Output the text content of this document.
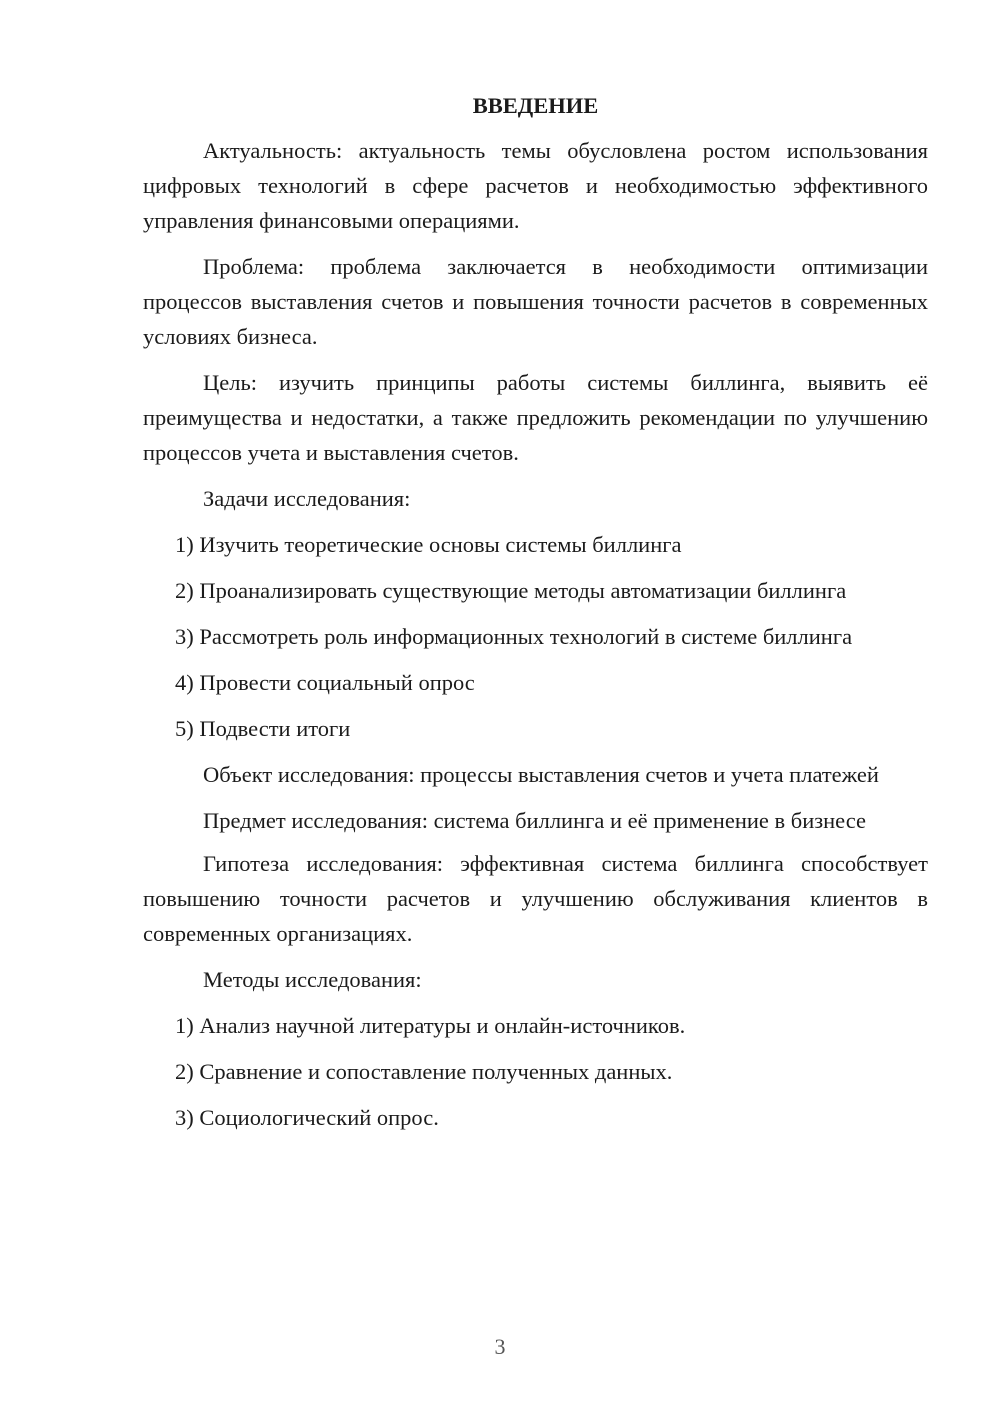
ВВЕДЕНИЕ
Актуальность: актуальность темы обусловлена ростом использования цифровых технологий в сфере расчетов и необходимостью эффективного управления финансовыми операциями.
Проблема: проблема заключается в необходимости оптимизации процессов выставления счетов и повышения точности расчетов в современных условиях бизнеса.
Цель: изучить принципы работы системы биллинга, выявить её преимущества и недостатки, а также предложить рекомендации по улучшению процессов учета и выставления счетов.
Задачи исследования:
1) Изучить теоретические основы системы биллинга
2) Проанализировать существующие методы автоматизации биллинга
3) Рассмотреть роль информационных технологий в системе биллинга
4) Провести социальный опрос
5) Подвести итоги
Объект исследования: процессы выставления счетов и учета платежей
Предмет исследования: система биллинга и её применение в бизнесе
Гипотеза исследования: эффективная система биллинга способствует повышению точности расчетов и улучшению обслуживания клиентов в современных организациях.
Методы исследования:
1) Анализ научной литературы и онлайн-источников.
2) Сравнение и сопоставление полученных данных.
3) Социологический опрос.
3
